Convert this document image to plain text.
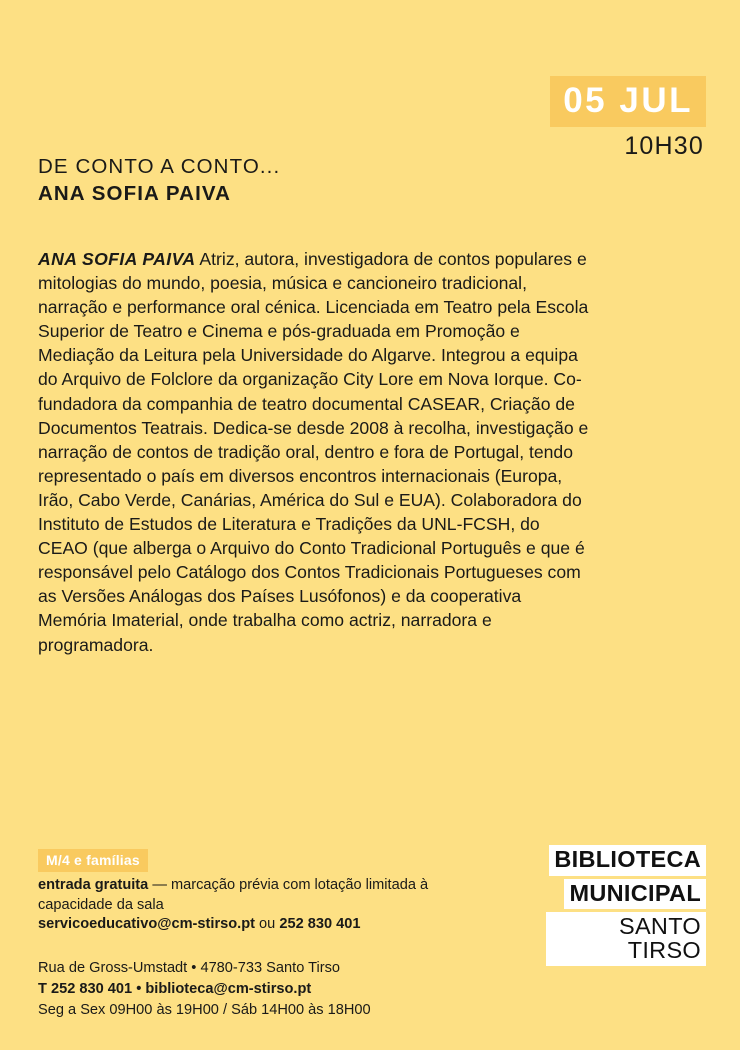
05 JUL
10H30
DE CONTO A CONTO...
ANA SOFIA PAIVA
ANA SOFIA PAIVA Atriz, autora, investigadora de contos populares e mitologias do mundo, poesia, música e cancioneiro tradicional, narração e performance oral cénica. Licenciada em Teatro pela Escola Superior de Teatro e Cinema e pós-graduada em Promoção e Mediação da Leitura pela Universidade do Algarve. Integrou a equipa do Arquivo de Folclore da organização City Lore em Nova Iorque. Co-fundadora da companhia de teatro documental CASEAR, Criação de Documentos Teatrais. Dedica-se desde 2008 à recolha, investigação e narração de contos de tradição oral, dentro e fora de Portugal, tendo representado o país em diversos encontros internacionais (Europa, Irão, Cabo Verde, Canárias, América do Sul e EUA). Colaboradora do Instituto de Estudos de Literatura e Tradições da UNL-FCSH, do CEAO (que alberga o Arquivo do Conto Tradicional Português e que é responsável pelo Catálogo dos Contos Tradicionais Portugueses com as Versões Análogas dos Países Lusófonos) e da cooperativa Memória Imaterial, onde trabalha como actriz, narradora e programadora.
M/4 e famílias
entrada gratuita — marcação prévia com lotação limitada à capacidade da sala
servicoeducativo@cm-stirso.pt ou 252 830 401
Rua de Gross-Umstadt • 4780-733 Santo Tirso
T 252 830 401 • biblioteca@cm-stirso.pt
Seg a Sex 09H00 às 19H00 / Sáb 14H00 às 18H00
BIBLIOTECA
MUNICIPAL
SANTO TIRSO
